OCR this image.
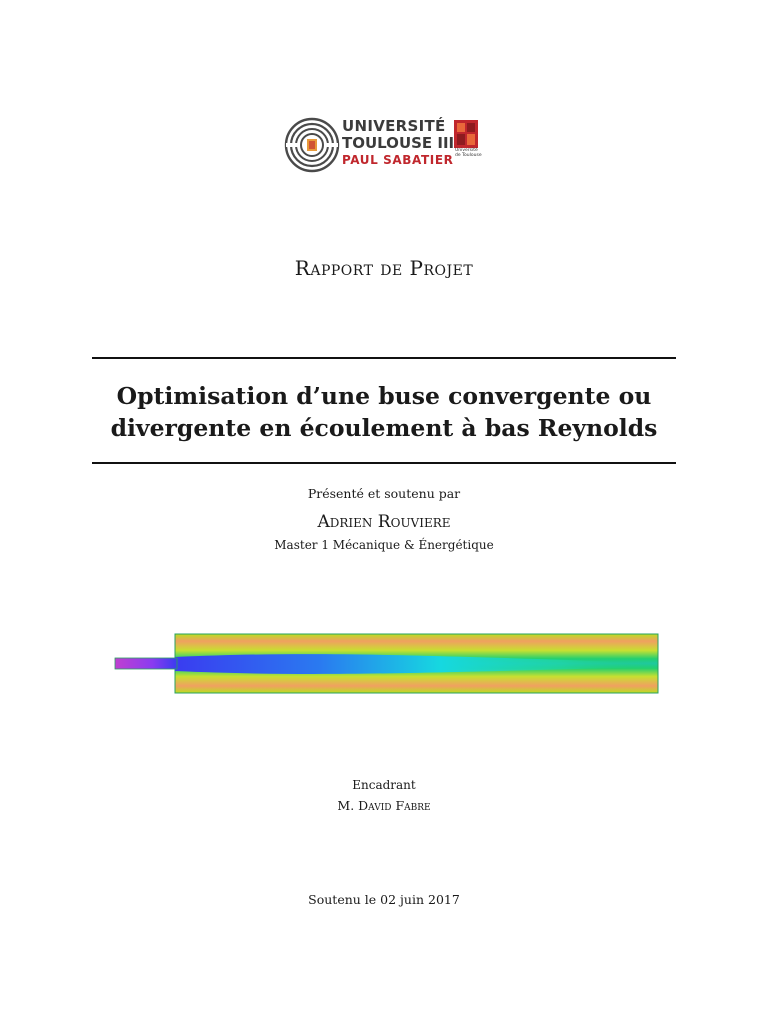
UNIVERSITÉ
TOULOUSE III
PAUL SABATIER
Université
de Toulouse
Rapport de Projet
Optimisation d’une buse convergente ou
divergente en écoulement à bas Reynolds
Présenté et soutenu par
Adrien Rouviere
Master 1 Mécanique & Énergétique
Encadrant
M. David Fabre
Soutenu le 02 juin 2017
